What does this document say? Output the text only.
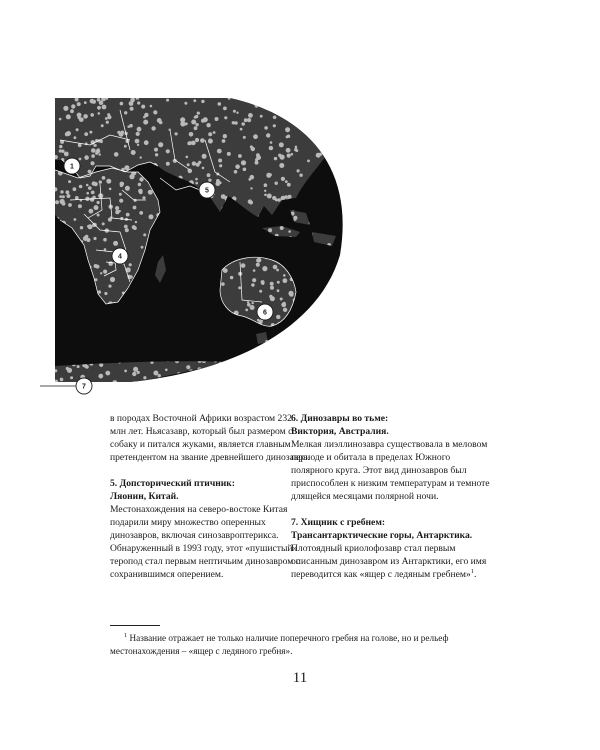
1
4
5
6
7

в породах Восточной Африки возрастом 232 млн лет. Ньясазавр, который был размером с собаку и питался жуками, является главным претендентом на звание древнейшего динозавра.

5. Допсторический птичник:
Ляонин, Китай.

Местонахождения на северо-востоке Китая подарили миру множество оперенных динозавров, включая синозавроптерикса. Обнаруженный в 1993 году, этот «пушистый» теропод стал первым нептичьим динозавром с сохранившимся оперением.

6. Динозавры во тьме:
Виктория, Австралия.

Мелкая лиэллинозавра существовала в меловом периоде и обитала в пределах Южного полярного круга. Этот вид динозавров был приспособлен к низким температурам и темноте длящейся месяцами полярной ночи.

7. Хищник с гребнем:
Трансантарктические горы, Антарктика.

Плотоядный криолофозавр стал первым описанным динозавром из Антарктики, его имя переводится как «ящер с ледяным гребнем»$^1$.

$^1$ Название отражает не только наличие поперечного гребня на голове, но и рельеф местонахождения – «ящер с ледяного гребня».
11
